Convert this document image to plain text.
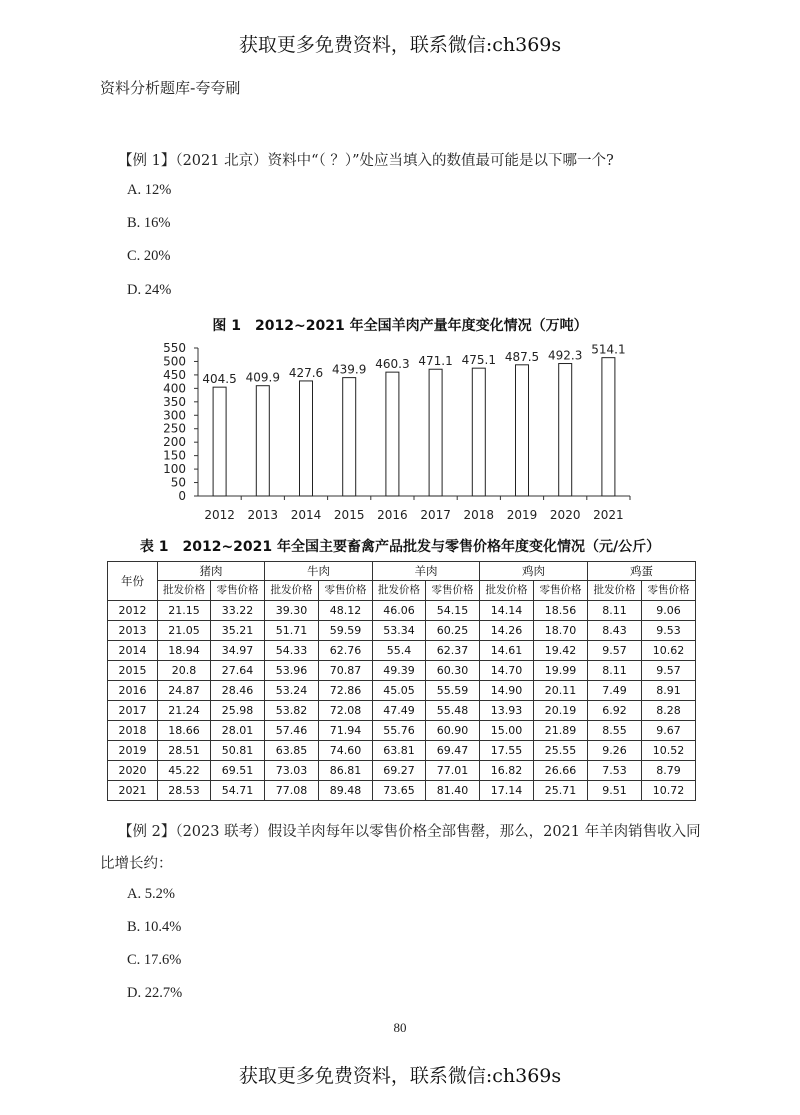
获取更多免费资料，联系微信:ch369s
资料分析题库-夸夸刷
【例 1】（2021 北京）资料中“（ ？）”处应当填入的数值最可能是以下哪一个?
A. 12%
B. 16%
C. 20%
D. 24%
图 1　2012~2021 年全国羊肉产量年度变化情况（万吨）
0
50
100
150
200
250
300
350
400
450
500
550
404.5
2012
409.9
2013
427.6
2014
439.9
2015
460.3
2016
471.1
2017
475.1
2018
487.5
2019
492.3
2020
514.1
2021
表 1　2012~2021 年全国主要畜禽产品批发与零售价格年度变化情况（元/公斤）
年份	猪肉		牛肉		羊肉		鸡肉		鸡蛋	
	批发价格	零售价格	批发价格	零售价格	批发价格	零售价格	批发价格	零售价格	批发价格	零售价格
2012	21.15	33.22	39.30	48.12	46.06	54.15	14.14	18.56	8.11	9.06
2013	21.05	35.21	51.71	59.59	53.34	60.25	14.26	18.70	8.43	9.53
2014	18.94	34.97	54.33	62.76	55.4	62.37	14.61	19.42	9.57	10.62
2015	20.8	27.64	53.96	70.87	49.39	60.30	14.70	19.99	8.11	9.57
2016	24.87	28.46	53.24	72.86	45.05	55.59	14.90	20.11	7.49	8.91
2017	21.24	25.98	53.82	72.08	47.49	55.48	13.93	20.19	6.92	8.28
2018	18.66	28.01	57.46	71.94	55.76	60.90	15.00	21.89	8.55	9.67
2019	28.51	50.81	63.85	74.60	63.81	69.47	17.55	25.55	9.26	10.52
2020	45.22	69.51	73.03	86.81	69.27	77.01	16.82	26.66	7.53	8.79
2021	28.53	54.71	77.08	89.48	73.65	81.40	17.14	25.71	9.51	10.72
【例 2】（2023 联考）假设羊肉每年以零售价格全部售罄，那么，2021 年羊肉销售收入同
比增长约：
A. 5.2%
B. 10.4%
C. 17.6%
D. 22.7%
80
获取更多免费资料，联系微信:ch369s
